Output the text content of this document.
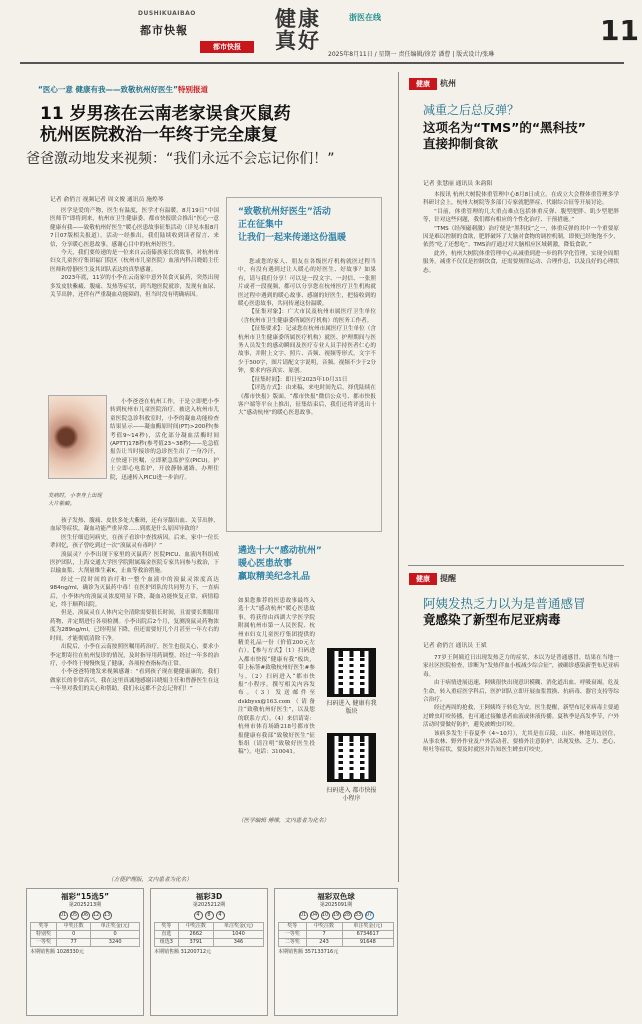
DUSHIKUAIBAO
都市快報
都市快报
健康真好
浙医在线
2025年8月11日 / 星期一 责任编辑/徐芳 潘曹 | 版式设计/张琳
11
“医心一意 健康有我——致敬杭州好医生”特别报道
11 岁男孩在云南老家误食灭鼠药
杭州医院救治一年终于完全康复
爸爸激动地发来视频：“我们永远不会忘记你们！”
记者 俞俏言 视频记者 周文俊 通讯员 施煌琴

医学是爱的产物，医生有温度，医学才有温暖。8月19日“中国医师节”即将到来，杭州市卫生健康委、都市快报联合推出“医心一意 健康有我——致敬杭州好医生”暖心医患故事征集活动（详见本报8月7日07版相关报道）。活动一经推出，我们陆续收到读者留言、来信，分享暖心医患故事，感谢心目中的杭州好医生。

今天，我们要传递的是一位来自云南傣族家长的故事，对杭州市妇女儿童医疗集团福门院区（杭州市儿童医院）血液内科吕晓娟主任医师和曾静医生及其团队表达的真挚感谢。

2023年底，11岁的小李在云南家中意外误食灭鼠药，突然出现多发皮肤紫癜、腹痛、发热等症状，到当地医院就诊，发现有血尿、关节出肿，还伴有严重凝血功能障碍，但当时没有明确病因。

发病时，小李身上出现大片紫癜。

小李爸爸在杭州工作，于是立即把小李转到杭州市儿童医院治疗。被送入杭州市儿童医院急诊科救室时，小李的凝血功能检查结果显示——凝血酶原时间(PT)>200秒(参考值9~14秒)，活化部分凝血活酶时间(APTT)178秒(参考值23~38秒)——危急值报告让当时接诊的急诊医生出了一身冷汗，立快速下医嘱，立即紧急监护室(PICU)。护士立即心电监护，开放静脉通路，办理住院，迅速转入PICU进一步治疗。

孩子发热、腹痛、皮肤多处大紫斑，还有牙龈出血、关节出肿、血尿等症状，凝血功能严重异常……到底是什么原因导致的？

医生仔细追问病史，在孩子看诊中查找病因。后来，家中一位长辈回忆，孩子曾吃到过一次“溴鼠灵有毒吗？”

溴鼠灵？小李出现下家里的灭鼠药？医院PICU、血液内科组成医护团队，上海交通大学医学院附属瑞金医院专家共同参与救治，下以输血浆、大剂量维生素K，止血等救治措施。

经过一段时间的治疗和一整个血液中的溴鼠灵浓度高达984ng/ml，确诊为灭鼠药中毒！在医护团队的共同努力下，一直病后，小李体内的溴鼠灵浓度明显下降，凝血功能恢复正常，病情稳定，终于顺利出院。

但是，溴鼠灵在人体内完全清除需要很长时间，且需要长期服用药物，并定期进行各项检测。小李出院后2个月，复测溴鼠灵药物浓度为289ng/ml，已经明显下降，但还需要好几个月甚至一年左右的时间，才能彻底清除干净。

出院后，小李在云南按照医嘱用药治疗，医生也很关心，要求小李定期寄往在杭州复诊的情况，及时指导用药调整。经过一年多的治疗，小李终于慢慢恢复了健康，各项检查指标均正常。

小李爸爸特地发来视频感谢：“看到孩子现在健健康康的，我们做家长的非常高兴，我在这里真诚地感谢吕晓娟主任和曾静医生在这一年里对我们的关心和帮助，我们永远都不会忘记你们！”

（方便护理版，文内患者为化名）
“致敬杭州好医生”活动
正在征集中
让我们一起来传递这份温暖

您或您的家人、朋友在各级医疗机构就医过程当中，有没有遇到过让人暖心的好医生、好故事？如果有，请与我们分享！可以是一段文字、一封信、一张照片或者一段视频，都可以分享您在杭州医疗卫生机构就医过程中遇到的暖心故事、感谢的好医生，把接收到的暖心医患故事，共同传递这份温暖。

【征集对象】：广大市民及杭州市属医疗卫生单位（含杭州市卫生健康委所属医疗机构）的医务工作者。

【征集要求】：记录您在杭州市属医疗卫生单位（含杭州市卫生健康委所属医疗机构）就医、护理期间与医务人员发生的感动瞬间及医疗专业人员手持医者仁心的故事，并附上文字、照片、音频、视频等形式，文字不少于500字，图片请配文字说明，音频、视频不少于2分钟，要求内容真实、原创。

【征集时间】：即日至2025年10月31日

【评选方式】：由来稿，来电时间先后，择优陆续在《都市快报》版面、“都市快报”微信公众号、都市快报客户端等平台上推出，征集结束后，我们还将评选出十大“感动杭州”的暖心医患故事。

遴选十大“感动杭州”
暖心医患故事
赢取精美纪念礼品
如果您推荐的医患故事最终入选十大“感动杭州”暖心医患故事，将获得由西湖大学医学院附属杭州市第一人民医院、杭州市妇女儿童医疗集团提供的精美礼品一份（价值200元左右）。【参与方式】（1）扫码进入都市快报“健康有我”板块，带上标签#致敬杭州好医生#参与。（2）扫码进入“都市快报”小程序，撰写相关内容发布。（3）发送邮件至dskbysx@163.com（请备注“致敬杭州好医生”，以及您的联系方式）。（4）来信请寄：杭州市体育场路218号都市快报健康有我部“致敬好医生”征集组（请注明“致敬好医生投稿”）。电话：310041。
扫码进入 健康有我版块
扫码进入 都市快报小程序
（医学编辑 傅维，文内患者为化名）
健康	杭州
减重之后总反弹？
这项名为“TMS”的“黑科技”
直接抑制食欲
记者 张慧丽 通讯员 朱韵阳

本报讯 杭州大树院体重管理中心8月8日成立。在成立大会暨体重管理多学科研讨会上，杭州大树院等多部门专家就肥胖症、代谢综合征等开展讨论。

“目前，体重管理的几大重点难点包括体重反弹、腹型肥胖、肌少型肥胖等，针对这些问题，我们都有相应的个性化治疗、干预措施。”

“TMS（经颅磁刺激）治疗便是“黑科技”之一，体重反弹的其中一个重要原因是难以控制的食欲，肥胖破坏了大脑对食物的调控机制，即便已经饱饱不少，依然“吃了还想吃”。TMS治疗通过对大脑相应区域刺激，降低食欲。”

此外，杭州大树院体重管理中心从减重到进一步的科学化管理，实现全周期服务。减重不仅仅是控制饮食，还需要规律运动、合理作息，以及良好的心理状态。

健康	提醒
阿姨发热乏力以为是普通感冒
竟感染了新型布尼亚病毒
记者 俞俏言 通讯员 王斌

77岁王阿姨近日出现发热乏力的症状，本以为是普通感冒，结果在当地一家社区医院检查，诊断为“发热伴血小板减少综合征”，被确诊感染新型布尼亚病毒。

由于病情进展迅速，阿姨很快出现意识模糊、消化道出血、呼吸衰竭，危及生命。转入重症医学科后，医护团队立即开展血浆置换、抗病毒、器官支持等综合治疗。

经过两周的抢救，王阿姨终于转危为安。医生提醒，新型布尼亚病毒主要通过蜱虫叮咬传播，也可通过接触患者血液或体液传播。夏秋季是高发季节，户外活动时要做好防护，避免被蜱虫叮咬。

该病多发生于春夏季（4~10月），尤其是在丘陵、山区、林地周边居住，从事农林、野外作业及户外活动者，要格外注意防护。出现发热、乏力、恶心、呕吐等症状，要及时就医并告知医生蜱虫叮咬史。

福彩“15选5”
第2025213期
01 05 06 12 13
奖等	中奖注数	单注奖金(元)
特别奖	0	0
一等奖	77	3240
本期销售额 1028330元
福彩3D
第2025212期
4	8	4
奖等	中奖注数	单注奖金(元)
直选	2662	1040
组选3	3791	346
本期销售额 31200712元
福彩双色球
第2025091期
01 04 10 19 28 33 07
奖等	中奖注数	单注奖金(元)
一等奖	7	6734617
二等奖	243	91648
本期销售额 357133716元
